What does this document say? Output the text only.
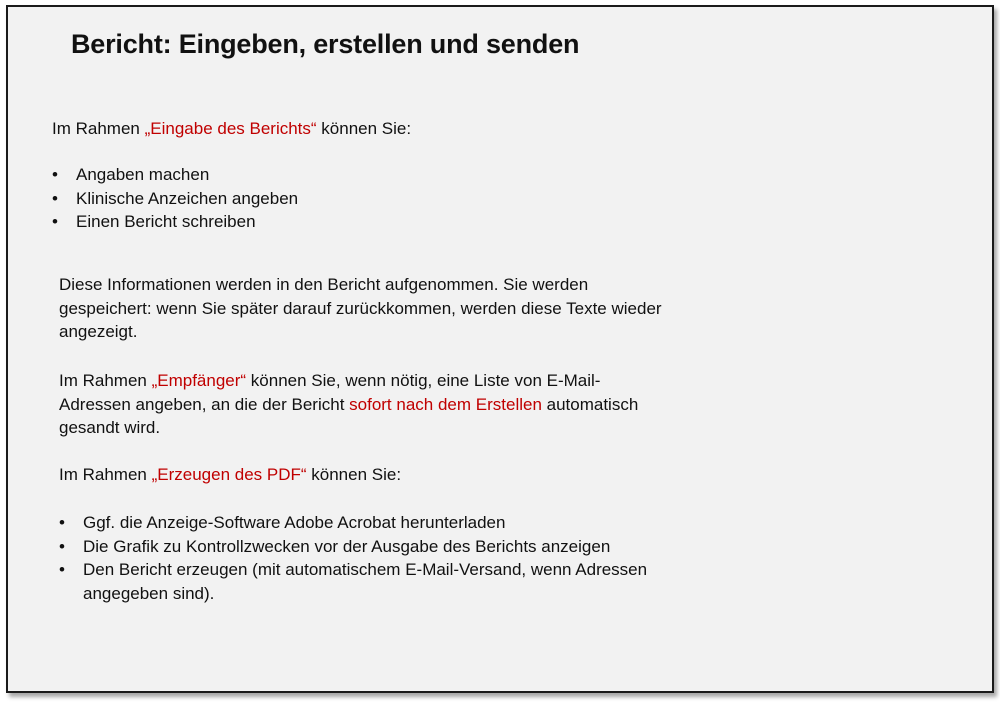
Bericht: Eingeben, erstellen und senden

Im Rahmen „Eingabe des Berichts“ können Sie:

• Angaben machen
• Klinische Anzeichen angeben
• Einen Bericht schreiben

Diese Informationen werden in den Bericht aufgenommen. Sie werden gespeichert: wenn Sie später darauf zurückkommen, werden diese Texte wieder angezeigt.

Im Rahmen „Empfänger“ können Sie, wenn nötig, eine Liste von E-Mail-Adressen angeben, an die der Bericht sofort nach dem Erstellen automatisch gesandt wird.

Im Rahmen „Erzeugen des PDF“ können Sie:

• Ggf. die Anzeige-Software Adobe Acrobat herunterladen
• Die Grafik zu Kontrollzwecken vor der Ausgabe des Berichts anzeigen
• Den Bericht erzeugen (mit automatischem E-Mail-Versand, wenn Adressen angegeben sind).
